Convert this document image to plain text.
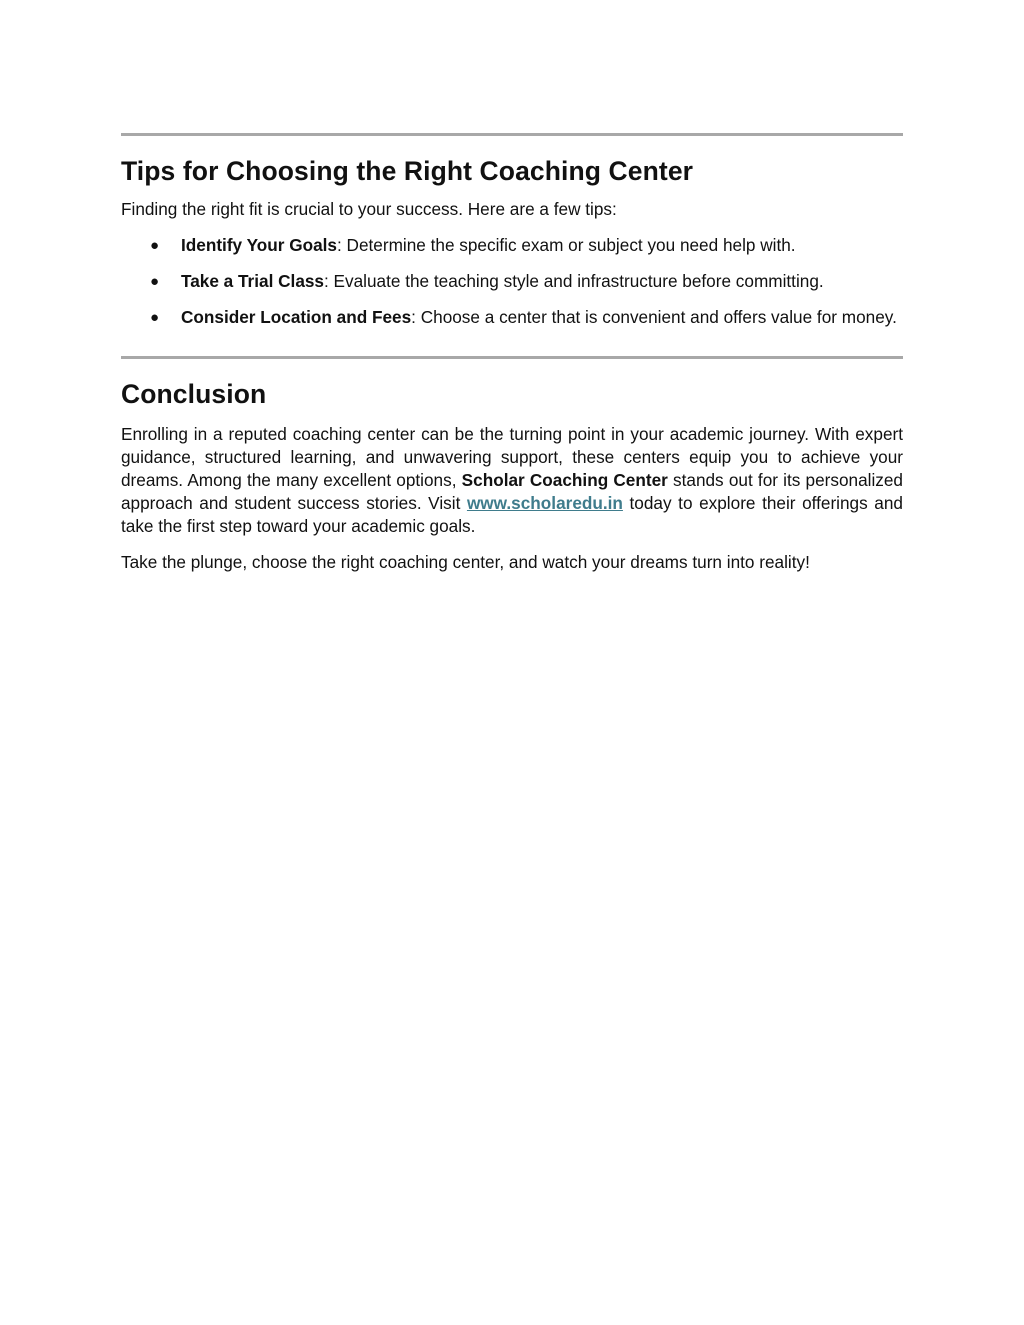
Tips for Choosing the Right Coaching Center

Finding the right fit is crucial to your success. Here are a few tips:

● Identify Your Goals: Determine the specific exam or subject you need help with.
● Take a Trial Class: Evaluate the teaching style and infrastructure before committing.
● Consider Location and Fees: Choose a center that is convenient and offers value for money.
Conclusion

Enrolling in a reputed coaching center can be the turning point in your academic journey. With expert guidance, structured learning, and unwavering support, these centers equip you to achieve your dreams. Among the many excellent options, Scholar Coaching Center stands out for its personalized approach and student success stories. Visit www.scholaredu.in today to explore their offerings and take the first step toward your academic goals.

Take the plunge, choose the right coaching center, and watch your dreams turn into reality!
